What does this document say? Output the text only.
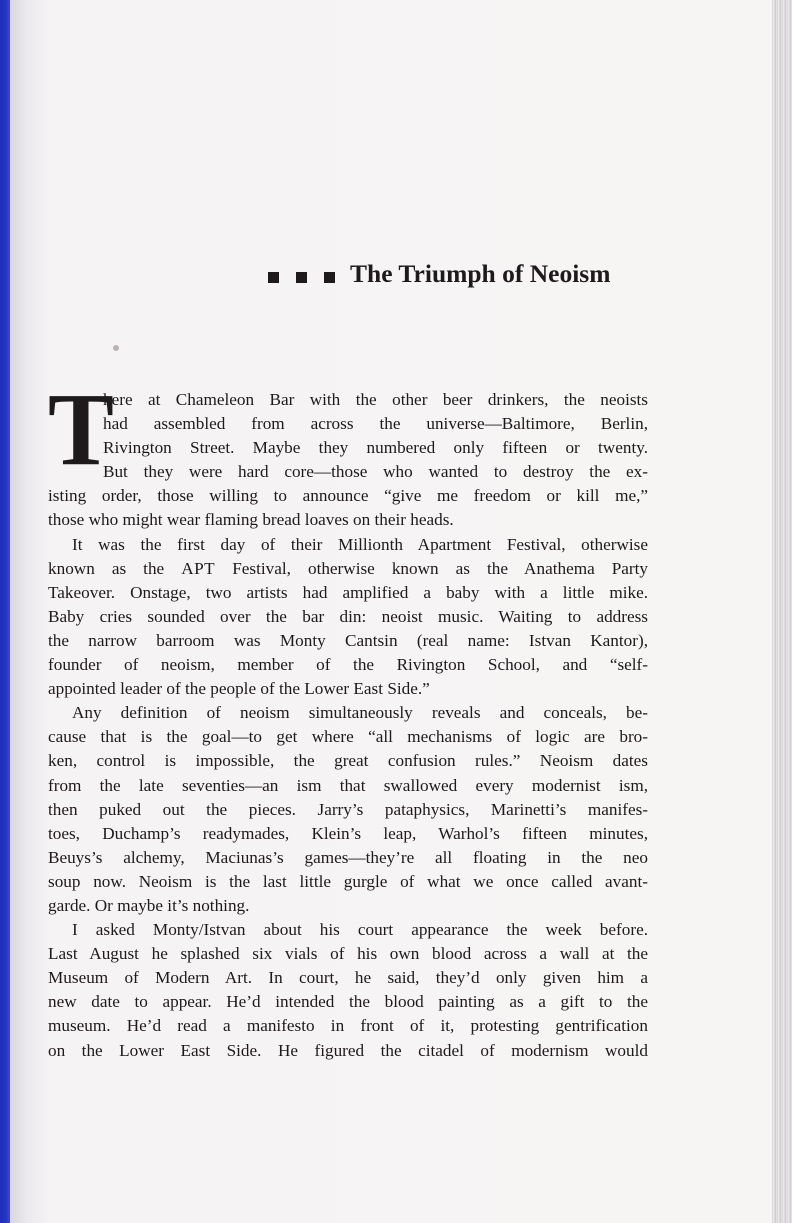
The Triumph of Neoism
T
here at Chameleon Bar with the other beer drinkers, the neoists
had assembled from across the universe—Baltimore, Berlin,
Rivington Street. Maybe they numbered only fifteen or twenty.
But they were hard core—those who wanted to destroy the ex-
isting order, those willing to announce “give me freedom or kill me,”
those who might wear flaming bread loaves on their heads.
It was the first day of their Millionth Apartment Festival, otherwise
known as the APT Festival, otherwise known as the Anathema Party
Takeover. Onstage, two artists had amplified a baby with a little mike.
Baby cries sounded over the bar din: neoist music. Waiting to address
the narrow barroom was Monty Cantsin (real name: Istvan Kantor),
founder of neoism, member of the Rivington School, and “self-
appointed leader of the people of the Lower East Side.”
Any definition of neoism simultaneously reveals and conceals, be-
cause that is the goal—to get where “all mechanisms of logic are bro-
ken, control is impossible, the great confusion rules.” Neoism dates
from the late seventies—an ism that swallowed every modernist ism,
then puked out the pieces. Jarry’s pataphysics, Marinetti’s manifes-
toes, Duchamp’s readymades, Klein’s leap, Warhol’s fifteen minutes,
Beuys’s alchemy, Maciunas’s games—they’re all floating in the neo
soup now. Neoism is the last little gurgle of what we once called avant-
garde. Or maybe it’s nothing.
I asked Monty/Istvan about his court appearance the week before.
Last August he splashed six vials of his own blood across a wall at the
Museum of Modern Art. In court, he said, they’d only given him a
new date to appear. He’d intended the blood painting as a gift to the
museum. He’d read a manifesto in front of it, protesting gentrification
on the Lower East Side. He figured the citadel of modernism would
